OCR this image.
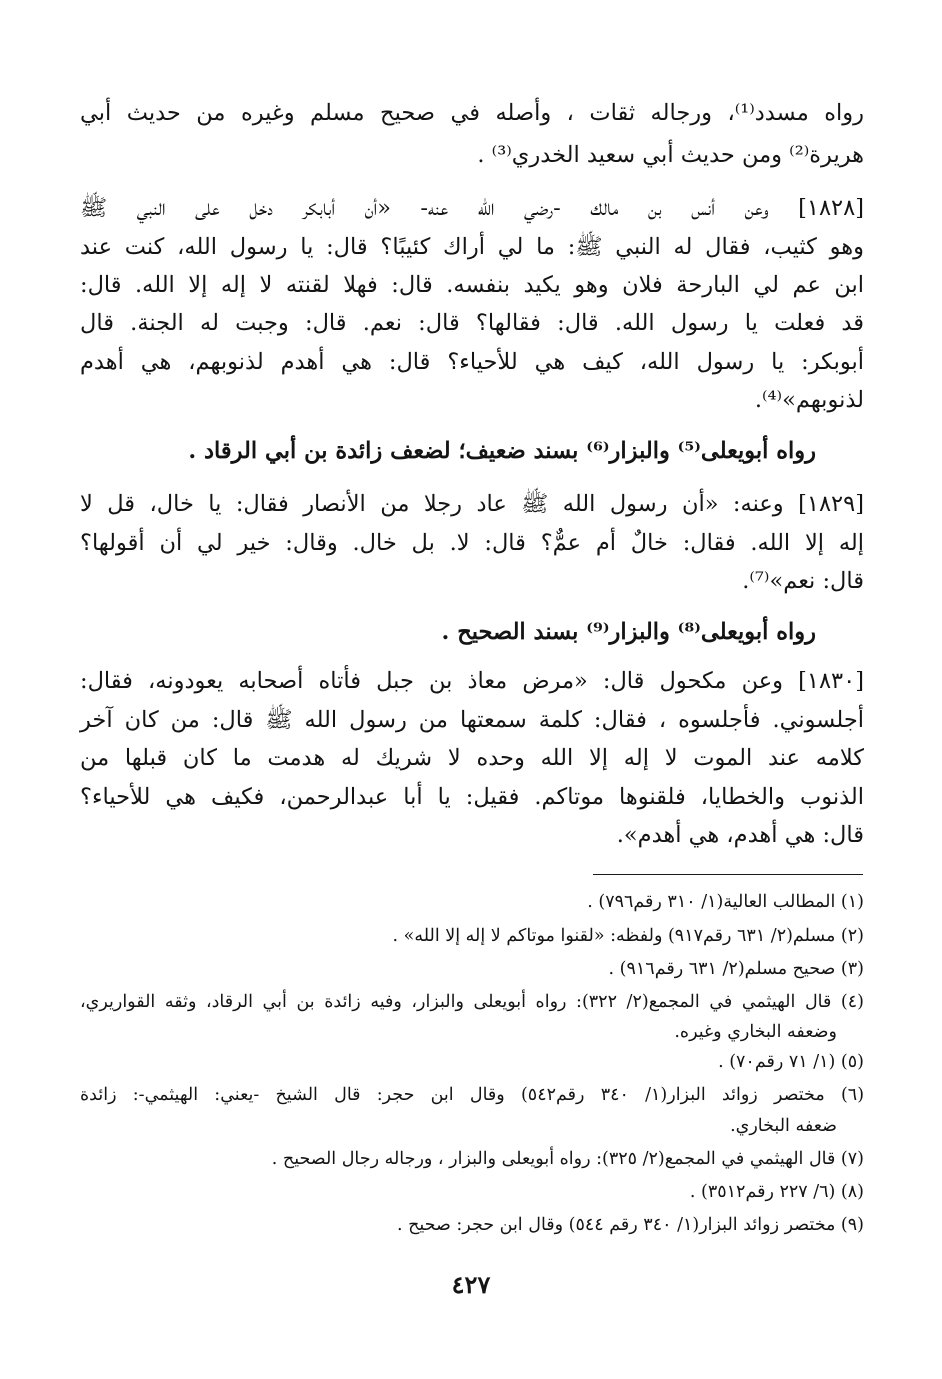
رواه مسدد⁽¹⁾، ورجاله ثقات ، وأصله في صحيح مسلم وغيره من حديث أبي
هريرة⁽²⁾ ومن حديث أبي سعيد الخدري⁽³⁾ .
[١٨٢٨] وعن أنس بن مالك -رضي الله عنه- «أن أبابكر دخل على النبي ﷺ
وهو كثيب، فقال له النبي ﷺ: ما لي أراك كئيبًا؟ قال: يا رسول الله، كنت عند
ابن عم لي البارحة فلان وهو يكيد بنفسه. قال: فهلا لقنته لا إله إلا الله. قال:
قد فعلت يا رسول الله. قال: فقالها؟ قال: نعم. قال: وجبت له الجنة. قال
أبوبكر: يا رسول الله، كيف هي للأحياء؟ قال: هي أهدم لذنوبهم، هي أهدم
لذنوبهم»⁽⁴⁾.
رواه أبويعلى⁽⁵⁾ والبزار⁽⁶⁾ بسند ضعيف؛ لضعف زائدة بن أبي الرقاد .
[١٨٢٩] وعنه: «أن رسول الله ﷺ عاد رجلا من الأنصار فقال: يا خال، قل لا
إله إلا الله. فقال: خالٌ أم عمٌّ؟ قال: لا. بل خال. وقال: خير لي أن أقولها؟
قال: نعم»⁽⁷⁾.
رواه أبويعلى⁽⁸⁾ والبزار⁽⁹⁾ بسند الصحيح .
[١٨٣٠] وعن مكحول قال: «مرض معاذ بن جبل فأتاه أصحابه يعودونه، فقال:
أجلسوني. فأجلسوه ، فقال: كلمة سمعتها من رسول الله ﷺ قال: من كان آخر
كلامه عند الموت لا إله إلا الله وحده لا شريك له هدمت ما كان قبلها من
الذنوب والخطايا، فلقنوها موتاكم. فقيل: يا أبا عبدالرحمن، فكيف هي للأحياء؟
قال: هي أهدم، هي أهدم».
(١) المطالب العالية(١/ ٣١٠ رقم٧٩٦) .
(٢) مسلم(٢/ ٦٣١ رقم٩١٧) ولفظه: «لقنوا موتاكم لا إله إلا الله» .
(٣) صحيح مسلم(٢/ ٦٣١ رقم٩١٦) .
(٤) قال الهيثمي في المجمع(٢/ ٣٢٢): رواه أبويعلى والبزار، وفيه زائدة بن أبي الرقاد، وثقه القواريري،
وضعفه البخاري وغيره.
(٥) (١/ ٧١ رقم٧٠) .
(٦) مختصر زوائد البزار(١/ ٣٤٠ رقم٥٤٢) وقال ابن حجر: قال الشيخ -يعني: الهيثمي-: زائدة
ضعفه البخاري.
(٧) قال الهيثمي في المجمع(٢/ ٣٢٥): رواه أبويعلى والبزار ، ورجاله رجال الصحيح .
(٨) (٦/ ٢٢٧ رقم٣٥١٢) .
(٩) مختصر زوائد البزار(١/ ٣٤٠ رقم ٥٤٤) وقال ابن حجر: صحيح .
٤٢٧
